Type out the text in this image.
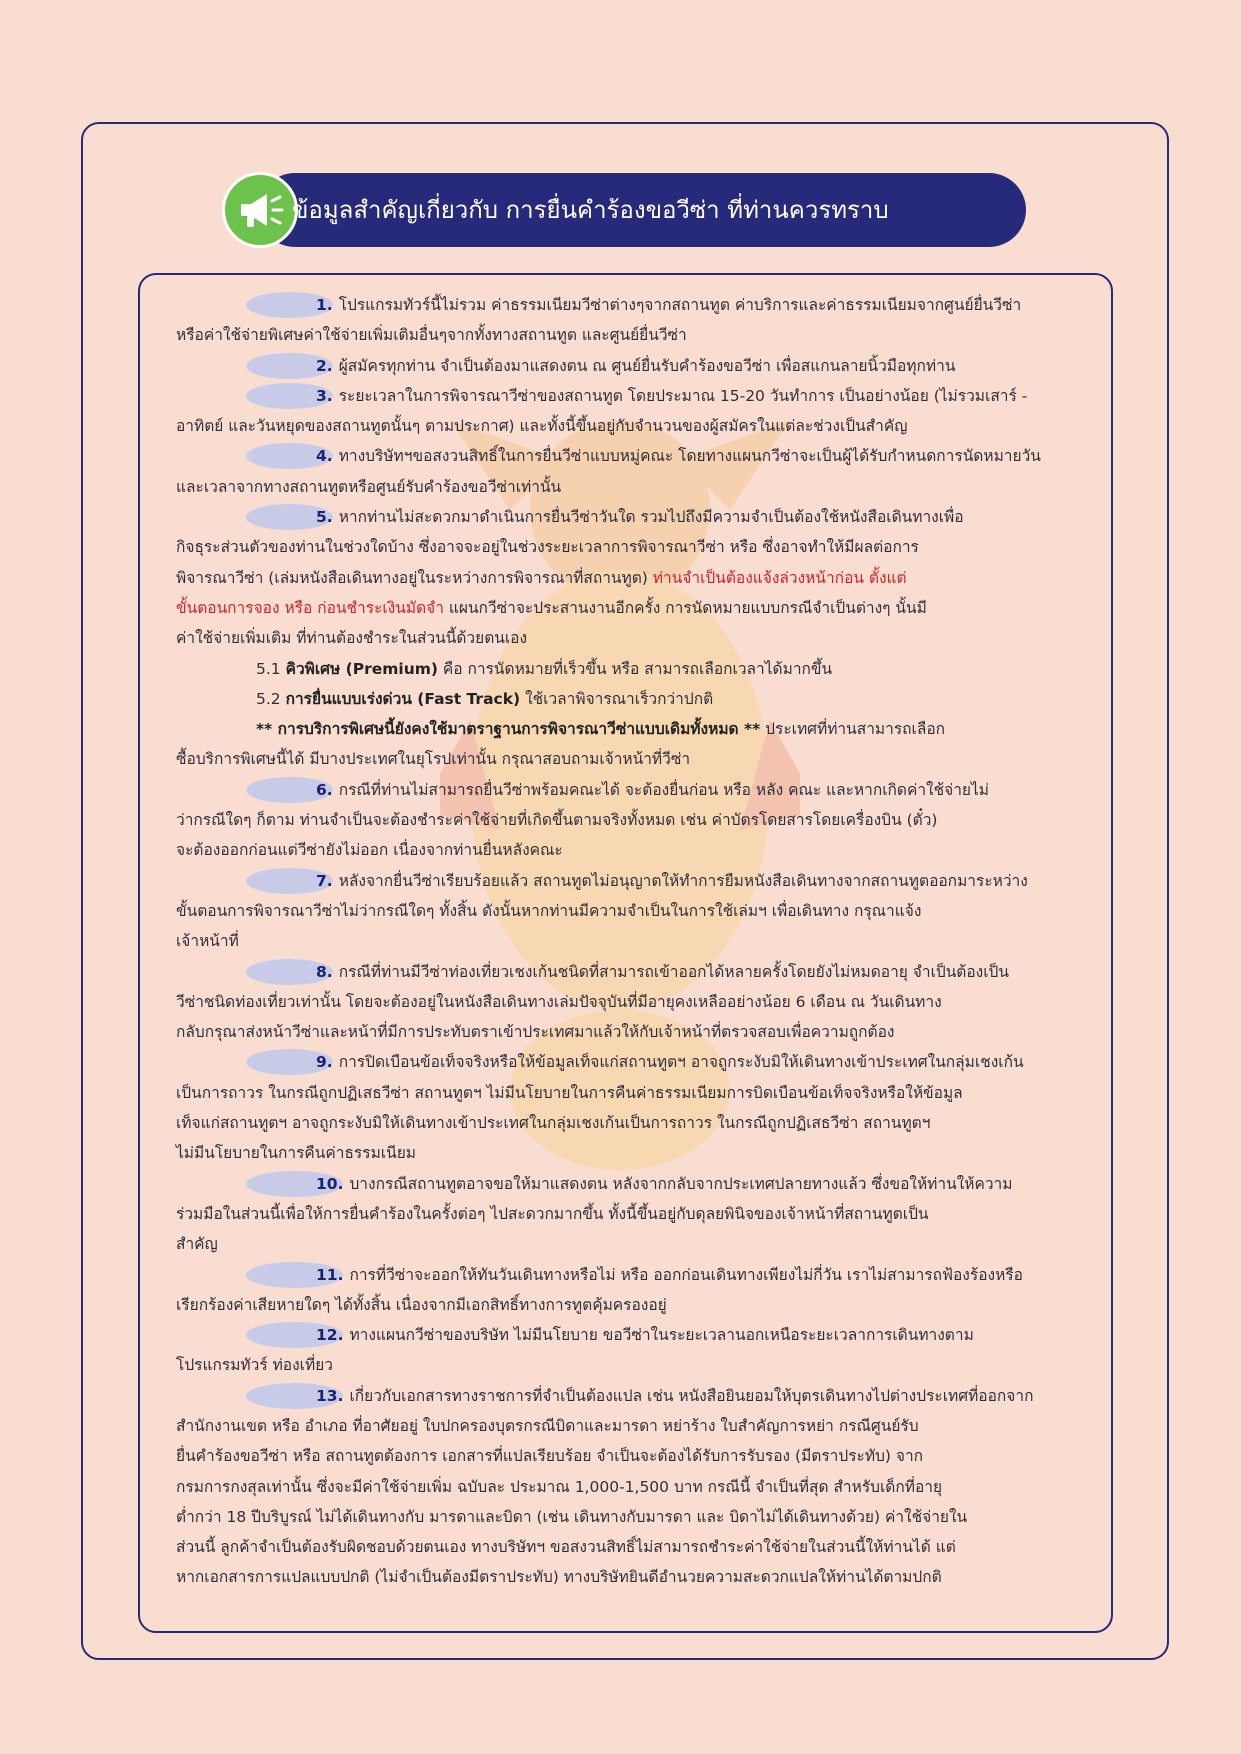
ข้อมูลสำคัญเกี่ยวกับ การยื่นคำร้องขอวีซ่า ที่ท่านควรทราบ

1. โปรแกรมทัวร์นี้ไม่รวม ค่าธรรมเนียมวีซ่าต่างๆจากสถานทูต ค่าบริการและค่าธรรมเนียมจากศูนย์ยื่นวีซ่า

หรือค่าใช้จ่ายพิเศษค่าใช้จ่ายเพิ่มเติมอื่นๆจากทั้งทางสถานทูต และศูนย์ยื่นวีซ่า

2. ผู้สมัครทุกท่าน จำเป็นต้องมาแสดงตน ณ ศูนย์ยื่นรับคำร้องขอวีซ่า เพื่อสแกนลายนิ้วมือทุกท่าน

3. ระยะเวลาในการพิจารณาวีซ่าของสถานทูต โดยประมาณ 15-20 วันทำการ เป็นอย่างน้อย (ไม่รวมเสาร์ -

อาทิตย์ และวันหยุดของสถานทูตนั้นๆ ตามประกาศ) และทั้งนี้ขึ้นอยู่กับจำนวนของผู้สมัครในแต่ละช่วงเป็นสำคัญ

4. ทางบริษัทฯขอสงวนสิทธิ์ในการยื่นวีซ่าแบบหมู่คณะ โดยทางแผนกวีซ่าจะเป็นผู้ได้รับกำหนดการนัดหมายวัน

และเวลาจากทางสถานทูตหรือศูนย์รับคำร้องขอวีซ่าเท่านั้น

5. หากท่านไม่สะดวกมาดำเนินการยื่นวีซ่าวันใด รวมไปถึงมีความจำเป็นต้องใช้หนังสือเดินทางเพื่อ

กิจธุระส่วนตัวของท่านในช่วงใดบ้าง ซึ่งอาจจะอยู่ในช่วงระยะเวลาการพิจารณาวีซ่า หรือ ซึ่งอาจทำให้มีผลต่อการ

พิจารณาวีซ่า (เล่มหนังสือเดินทางอยู่ในระหว่างการพิจารณาที่สถานทูต) ท่านจำเป็นต้องแจ้งล่วงหน้าก่อน ตั้งแต่

ขั้นตอนการจอง หรือ ก่อนชำระเงินมัดจำ แผนกวีซ่าจะประสานงานอีกครั้ง การนัดหมายแบบกรณีจำเป็นต่างๆ นั้นมี

ค่าใช้จ่ายเพิ่มเติม ที่ท่านต้องชำระในส่วนนี้ด้วยตนเอง

5.1 คิวพิเศษ (Premium) คือ การนัดหมายที่เร็วขึ้น หรือ สามารถเลือกเวลาได้มากขึ้น

5.2 การยื่นแบบเร่งด่วน (Fast Track) ใช้เวลาพิจารณาเร็วกว่าปกติ

** การบริการพิเศษนี้ยังคงใช้มาตราฐานการพิจารณาวีซ่าแบบเดิมทั้งหมด ** ประเทศที่ท่านสามารถเลือก

ซื้อบริการพิเศษนี้ได้ มีบางประเทศในยุโรปเท่านั้น กรุณาสอบถามเจ้าหน้าที่วีซ่า

6. กรณีที่ท่านไม่สามารถยื่นวีซ่าพร้อมคณะได้ จะต้องยื่นก่อน หรือ หลัง คณะ และหากเกิดค่าใช้จ่ายไม่

ว่ากรณีใดๆ ก็ตาม ท่านจำเป็นจะต้องชำระค่าใช้จ่ายที่เกิดขึ้นตามจริงทั้งหมด เช่น ค่าบัตรโดยสารโดยเครื่องบิน (ตั๋ว)

จะต้องออกก่อนแต่วีซ่ายังไม่ออก เนื่องจากท่านยื่นหลังคณะ

7. หลังจากยื่นวีซ่าเรียบร้อยแล้ว สถานทูตไม่อนุญาตให้ทำการยืมหนังสือเดินทางจากสถานทูตออกมาระหว่าง

ขั้นตอนการพิจารณาวีซ่าไม่ว่ากรณีใดๆ ทั้งสิ้น ดังนั้นหากท่านมีความจำเป็นในการใช้เล่มฯ เพื่อเดินทาง กรุณาแจ้ง

เจ้าหน้าที่

8. กรณีที่ท่านมีวีซ่าท่องเที่ยวเชงเก้นชนิดที่สามารถเข้าออกได้หลายครั้งโดยยังไม่หมดอายุ จำเป็นต้องเป็น

วีซ่าชนิดท่องเที่ยวเท่านั้น โดยจะต้องอยู่ในหนังสือเดินทางเล่มปัจจุบันที่มีอายุคงเหลืออย่างน้อย 6 เดือน ณ วันเดินทาง

กลับกรุณาส่งหน้าวีซ่าและหน้าที่มีการประทับตราเข้าประเทศมาแล้วให้กับเจ้าหน้าที่ตรวจสอบเพื่อความถูกต้อง

9. การปิดเบือนข้อเท็จจริงหรือให้ข้อมูลเท็จแก่สถานทูตฯ อาจถูกระงับมิให้เดินทางเข้าประเทศในกลุ่มเชงเก้น

เป็นการถาวร ในกรณีถูกปฏิเสธวีซ่า สถานทูตฯ ไม่มีนโยบายในการคืนค่าธรรมเนียมการบิดเบือนข้อเท็จจริงหรือให้ข้อมูล

เท็จแก่สถานทูตฯ อาจถูกระงับมิให้เดินทางเข้าประเทศในกลุ่มเชงเก้นเป็นการถาวร ในกรณีถูกปฏิเสธวีซ่า สถานทูตฯ

ไม่มีนโยบายในการคืนค่าธรรมเนียม

10. บางกรณีสถานทูตอาจขอให้มาแสดงตน หลังจากกลับจากประเทศปลายทางแล้ว ซึ่งขอให้ท่านให้ความ

ร่วมมือในส่วนนี้เพื่อให้การยื่นคำร้องในครั้งต่อๆ ไปสะดวกมากขึ้น ทั้งนี้ขึ้นอยู่กับดุลยพินิจของเจ้าหน้าที่สถานทูตเป็น

สำคัญ

11. การที่วีซ่าจะออกให้ทันวันเดินทางหรือไม่ หรือ ออกก่อนเดินทางเพียงไม่กี่วัน เราไม่สามารถฟ้องร้องหรือ

เรียกร้องค่าเสียหายใดๆ ได้ทั้งสิ้น เนื่องจากมีเอกสิทธิ์ทางการทูตคุ้มครองอยู่

12. ทางแผนกวีซ่าของบริษัท ไม่มีนโยบาย ขอวีซ่าในระยะเวลานอกเหนือระยะเวลาการเดินทางตาม

โปรแกรมทัวร์ ท่องเที่ยว

13. เกี่ยวกับเอกสารทางราชการที่จำเป็นต้องแปล เช่น หนังสือยินยอมให้บุตรเดินทางไปต่างประเทศที่ออกจาก

สำนักงานเขต หรือ อำเภอ ที่อาศัยอยู่ ใบปกครองบุตรกรณีบิดาและมารดา หย่าร้าง ใบสำคัญการหย่า กรณีศูนย์รับ

ยื่นคำร้องขอวีซ่า หรือ สถานทูตต้องการ เอกสารที่แปลเรียบร้อย จำเป็นจะต้องได้รับการรับรอง (มีตราประทับ) จาก

กรมการกงสุลเท่านั้น ซึ่งจะมีค่าใช้จ่ายเพิ่ม ฉบับละ ประมาณ 1,000-1,500 บาท กรณีนี้ จำเป็นที่สุด สำหรับเด็กที่อายุ

ต่ำกว่า 18 ปีบริบูรณ์ ไม่ได้เดินทางกับ มารดาและบิดา (เช่น เดินทางกับมารดา และ บิดาไม่ได้เดินทางด้วย) ค่าใช้จ่ายใน

ส่วนนี้ ลูกค้าจำเป็นต้องรับผิดชอบด้วยตนเอง ทางบริษัทฯ ขอสงวนสิทธิ์ไม่สามารถชำระค่าใช้จ่ายในส่วนนี้ให้ท่านได้ แต่

หากเอกสารการแปลแบบปกติ (ไม่จำเป็นต้องมีตราประทับ) ทางบริษัทยินดีอำนวยความสะดวกแปลให้ท่านได้ตามปกติ
